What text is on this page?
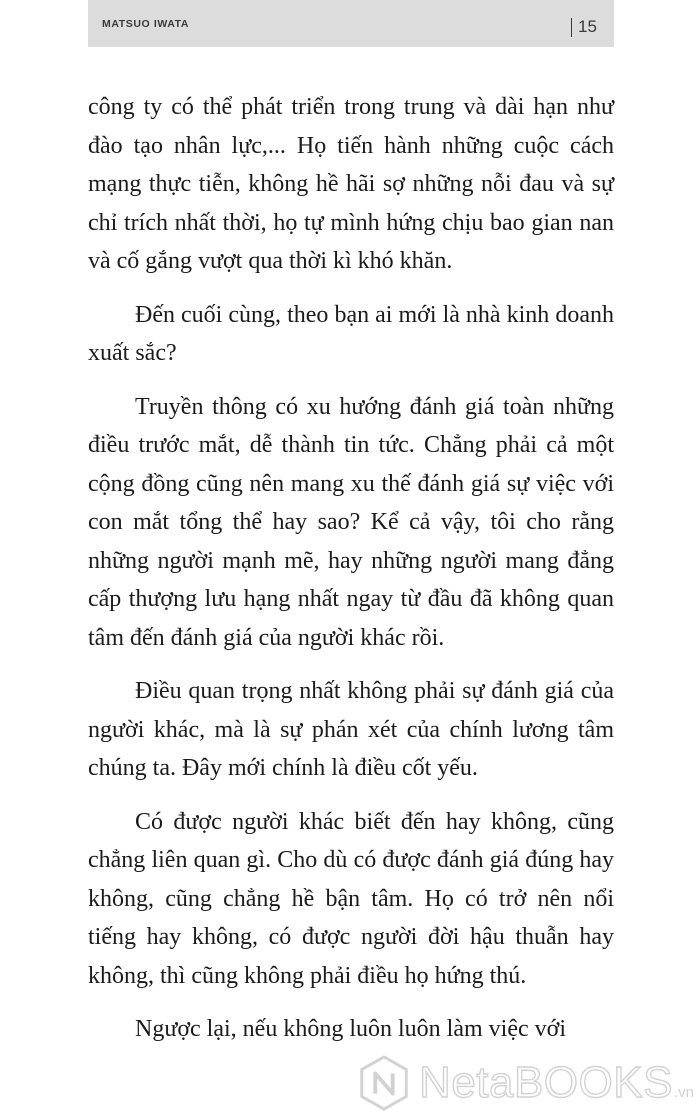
MATSUO IWATA	15

công ty có thể phát triển trong trung và dài hạn như đào tạo nhân lực,... Họ tiến hành những cuộc cách mạng thực tiễn, không hề hãi sợ những nỗi đau và sự chỉ trích nhất thời, họ tự mình hứng chịu bao gian nan và cố gắng vượt qua thời kì khó khăn.

Đến cuối cùng, theo bạn ai mới là nhà kinh doanh xuất sắc?

Truyền thông có xu hướng đánh giá toàn những điều trước mắt, dễ thành tin tức. Chẳng phải cả một cộng đồng cũng nên mang xu thế đánh giá sự việc với con mắt tổng thể hay sao? Kể cả vậy, tôi cho rằng những người mạnh mẽ, hay những người mang đẳng cấp thượng lưu hạng nhất ngay từ đầu đã không quan tâm đến đánh giá của người khác rồi.

Điều quan trọng nhất không phải sự đánh giá của người khác, mà là sự phán xét của chính lương tâm chúng ta. Đây mới chính là điều cốt yếu.

Có được người khác biết đến hay không, cũng chẳng liên quan gì. Cho dù có được đánh giá đúng hay không, cũng chẳng hề bận tâm. Họ có trở nên nổi tiếng hay không, có được người đời hậu thuẫn hay không, thì cũng không phải điều họ hứng thú.

Ngược lại, nếu không luôn luôn làm việc với

NetaBOOKS .vn
